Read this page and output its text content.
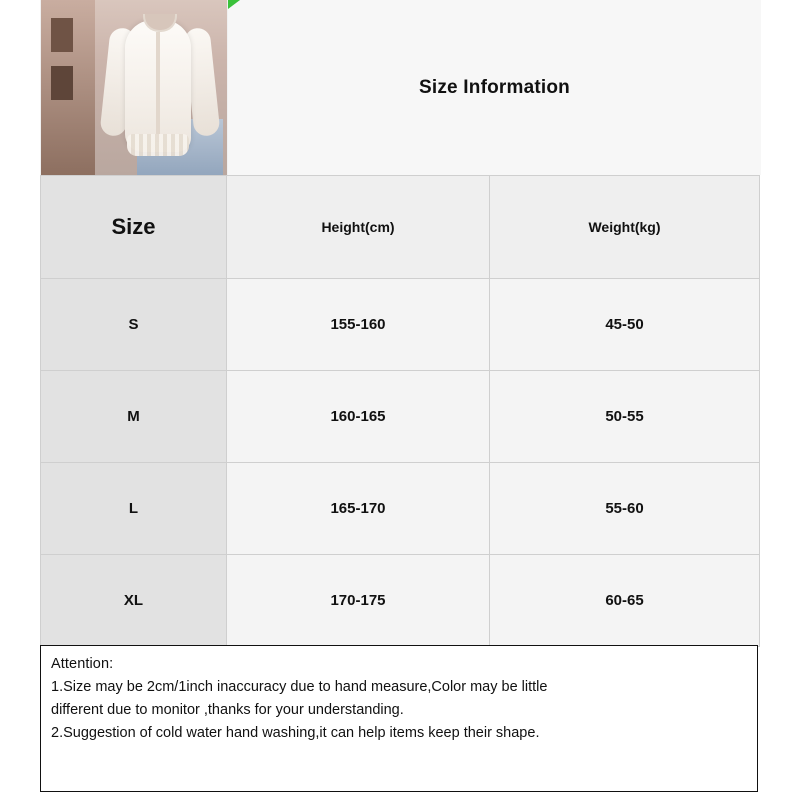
Size Information
Size	Height(cm)	Weight(kg)
S	155-160	45-50
M	160-165	50-55
L	165-170	55-60
XL	170-175	60-65

Attention:

1.Size may be 2cm/1inch inaccuracy due to hand measure,Color may be little

different due to monitor ,thanks for your understanding.

2.Suggestion of cold water hand washing,it can help items keep their shape.
